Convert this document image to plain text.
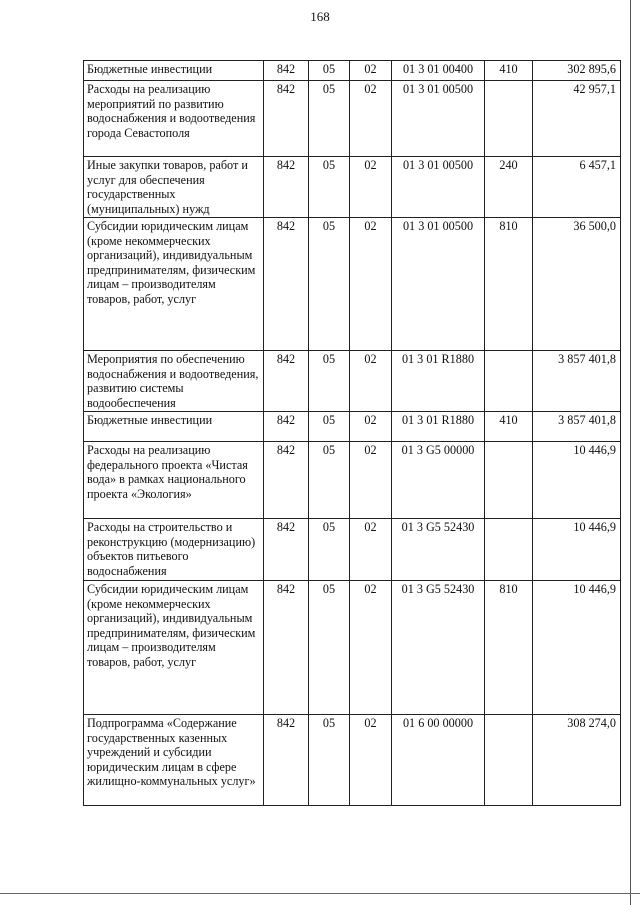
168
Бюджетные инвестиции	842	05	02	01 3 01 00400	410	302 895,6
Расходы на реализацию мероприятий по развитию водоснабжения и водоотведения города Севастополя	842	05	02	01 3 01 00500		42 957,1
Иные закупки товаров, работ и услуг для обеспечения государственных (муниципальных) нужд	842	05	02	01 3 01 00500	240	6 457,1
Субсидии юридическим лицам (кроме некоммерческих организаций), индивидуальным предпринимателям, физическим лицам – производителям товаров, работ, услуг	842	05	02	01 3 01 00500	810	36 500,0
Мероприятия по обеспечению водоснабжения и водоотведения, развитию системы водообеспечения	842	05	02	01 3 01 R1880		3 857 401,8
Бюджетные инвестиции	842	05	02	01 3 01 R1880	410	3 857 401,8
Расходы на реализацию федерального проекта «Чистая вода» в рамках национального проекта «Экология»	842	05	02	01 3 G5 00000		10 446,9
Расходы на строительство и реконструкцию (модернизацию) объектов питьевого водоснабжения	842	05	02	01 3 G5 52430		10 446,9
Субсидии юридическим лицам (кроме некоммерческих организаций), индивидуальным предпринимателям, физическим лицам – производителям товаров, работ, услуг	842	05	02	01 3 G5 52430	810	10 446,9
Подпрограмма «Содержание государственных казенных учреждений и субсидии юридическим лицам в сфере жилищно-коммунальных услуг»	842	05	02	01 6 00 00000		308 274,0
